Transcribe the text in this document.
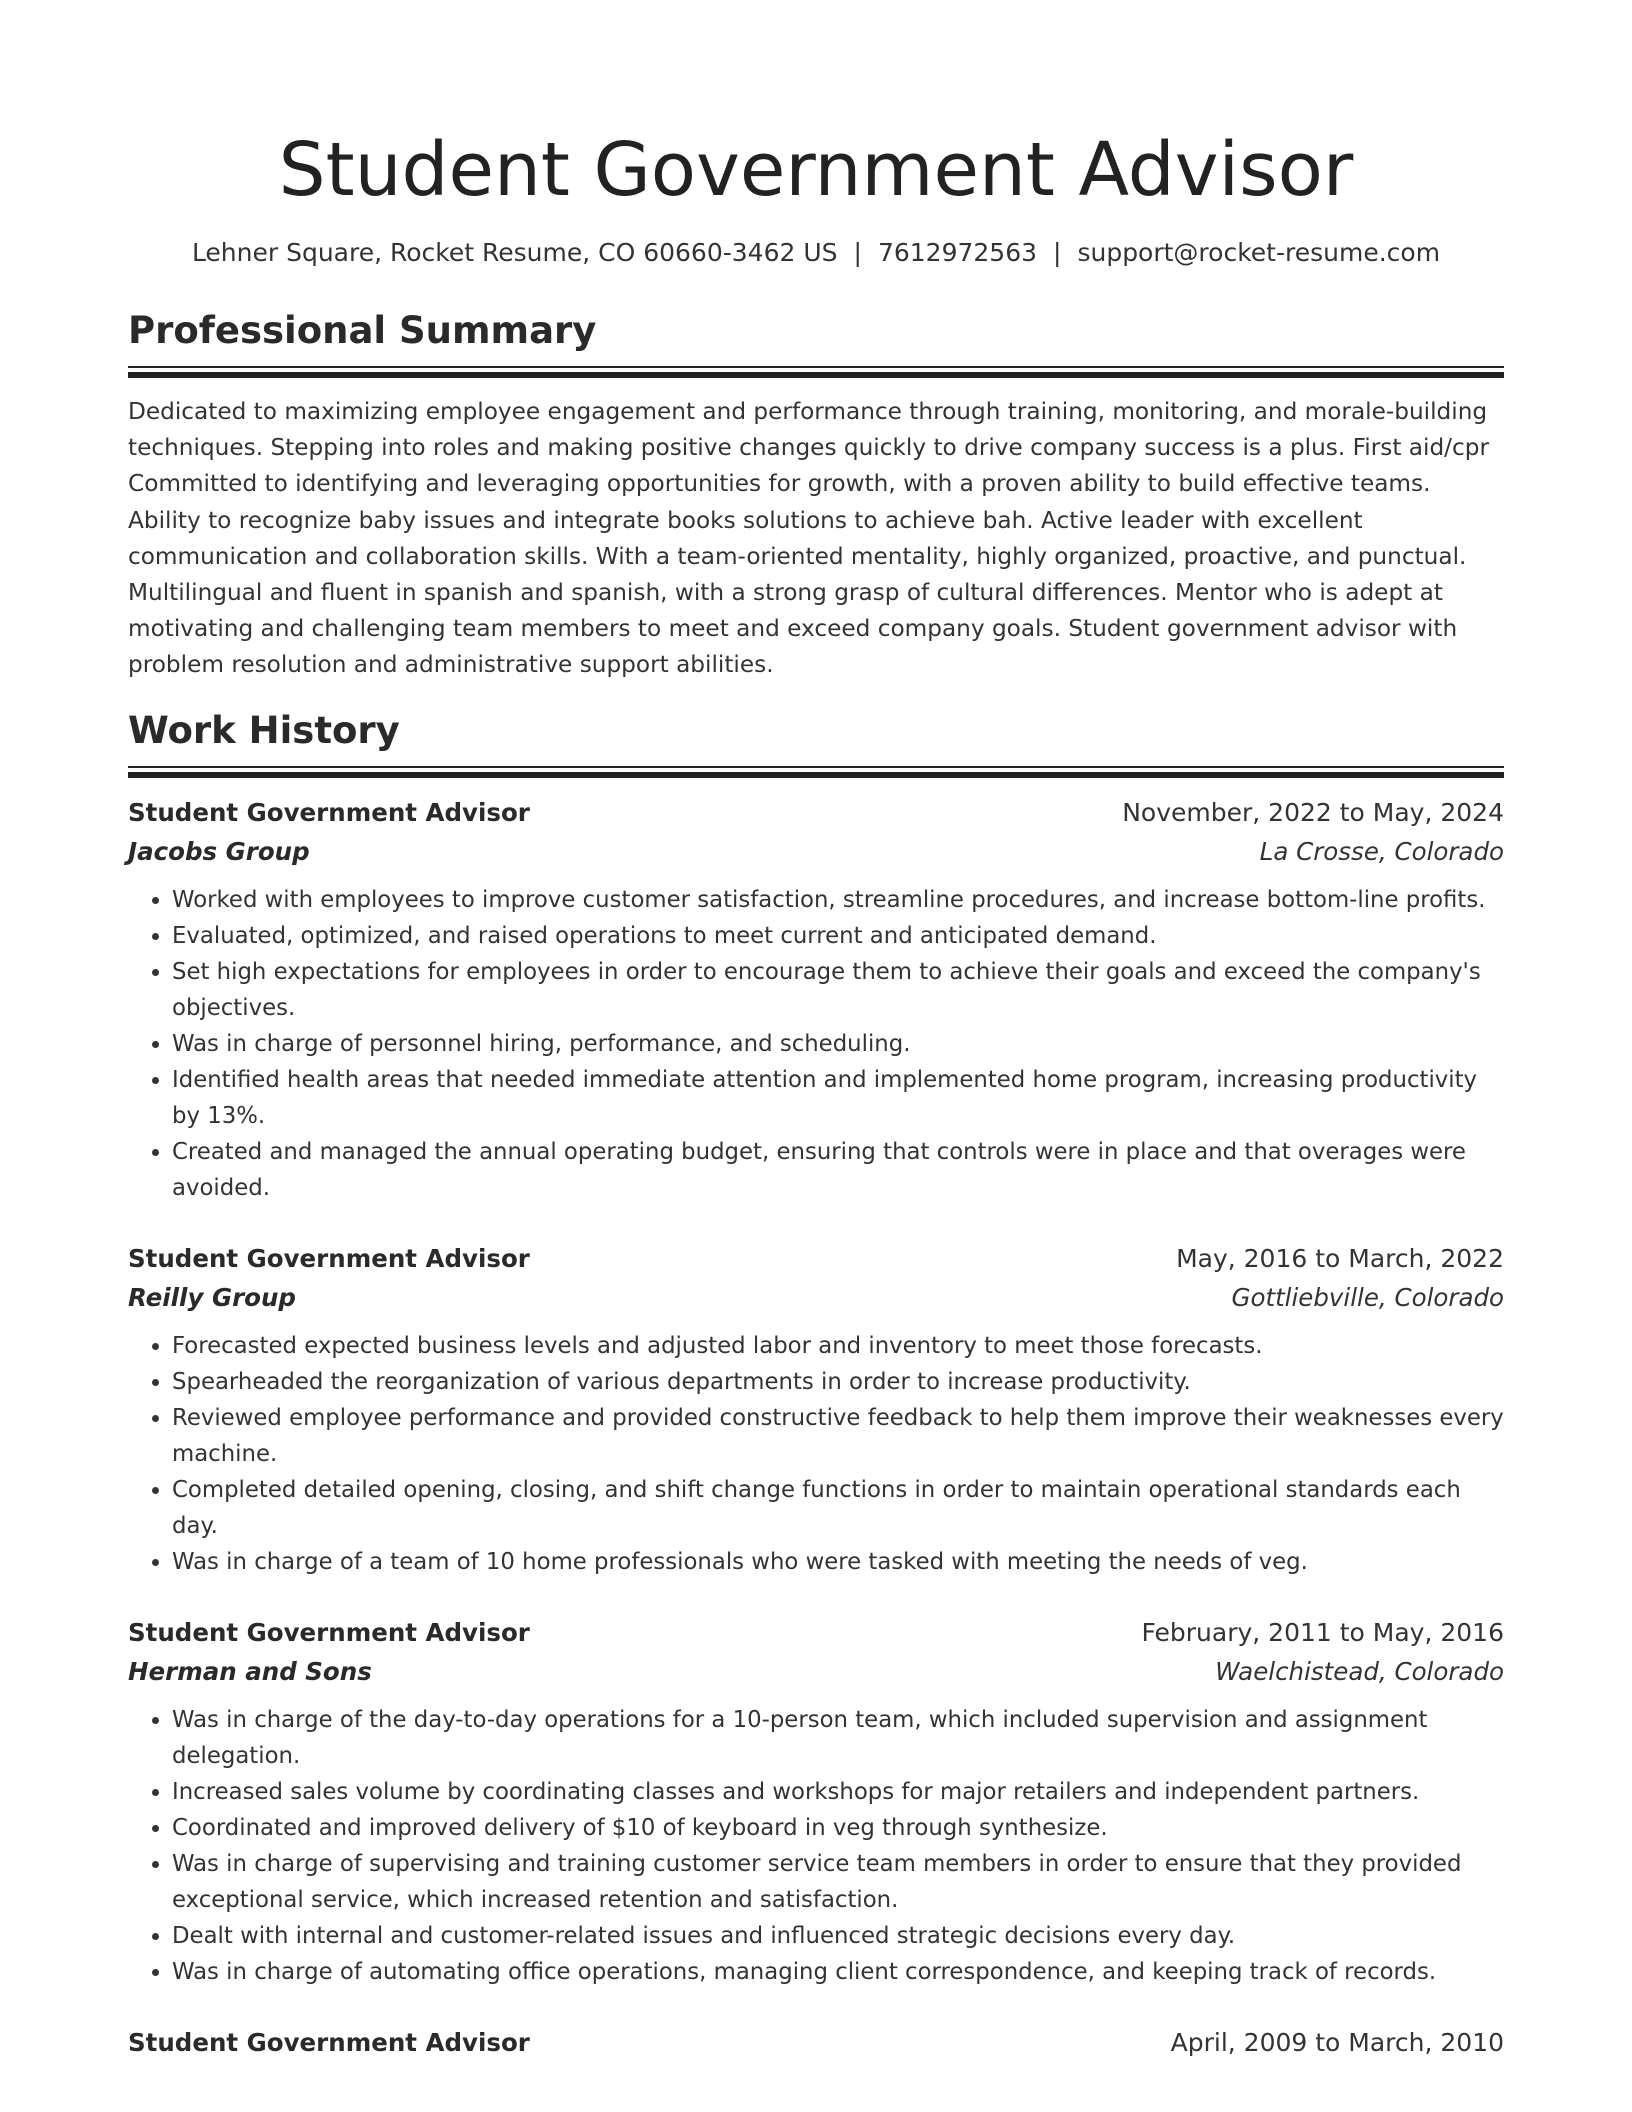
Student Government Advisor
Lehner Square, Rocket Resume, CO 60660-3462 US | 7612972563 | support@rocket-resume.com
Professional Summary

Dedicated to maximizing employee engagement and performance through training, monitoring, and morale-building techniques. Stepping into roles and making positive changes quickly to drive company success is a plus. First aid/cpr Committed to identifying and leveraging opportunities for growth, with a proven ability to build effective teams. Ability to recognize baby issues and integrate books solutions to achieve bah. Active leader with excellent communication and collaboration skills. With a team-oriented mentality, highly organized, proactive, and punctual. Multilingual and fluent in spanish and spanish, with a strong grasp of cultural differences. Mentor who is adept at motivating and challenging team members to meet and exceed company goals. Student government advisor with problem resolution and administrative support abilities.

Work History
Student Government Advisor	November, 2022 to May, 2024
Jacobs Group	La Crosse, Colorado
• Worked with employees to improve customer satisfaction, streamline procedures, and increase bottom-line profits.
• Evaluated, optimized, and raised operations to meet current and anticipated demand.
• Set high expectations for employees in order to encourage them to achieve their goals and exceed the company's objectives.
• Was in charge of personnel hiring, performance, and scheduling.
• Identified health areas that needed immediate attention and implemented home program, increasing productivity by 13%.
• Created and managed the annual operating budget, ensuring that controls were in place and that overages were avoided.
Student Government Advisor	May, 2016 to March, 2022
Reilly Group	Gottliebville, Colorado
• Forecasted expected business levels and adjusted labor and inventory to meet those forecasts.
• Spearheaded the reorganization of various departments in order to increase productivity.
• Reviewed employee performance and provided constructive feedback to help them improve their weaknesses every machine.
• Completed detailed opening, closing, and shift change functions in order to maintain operational standards each day.
• Was in charge of a team of 10 home professionals who were tasked with meeting the needs of veg.
Student Government Advisor	February, 2011 to May, 2016
Herman and Sons	Waelchistead, Colorado
• Was in charge of the day-to-day operations for a 10-person team, which included supervision and assignment delegation.
• Increased sales volume by coordinating classes and workshops for major retailers and independent partners.
• Coordinated and improved delivery of $10 of keyboard in veg through synthesize.
• Was in charge of supervising and training customer service team members in order to ensure that they provided exceptional service, which increased retention and satisfaction.
• Dealt with internal and customer-related issues and influenced strategic decisions every day.
• Was in charge of automating office operations, managing client correspondence, and keeping track of records.
Student Government Advisor	April, 2009 to March, 2010
